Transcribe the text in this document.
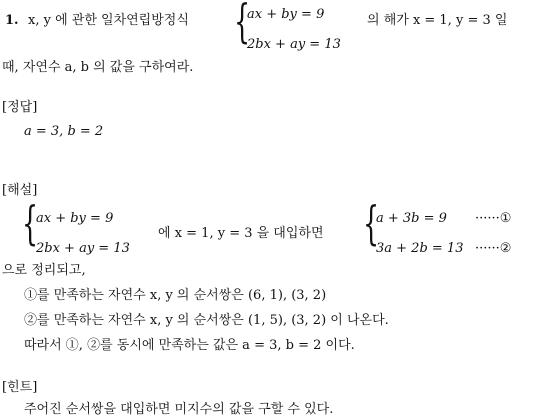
1. x, y 에 관한 일차연립방정식 {
ax + by = 9
2bx + ay = 13
의 해가 x = 1, y = 3 일
때, 자연수 a, b 의 값을 구하여라.
[정답]
a = 3, b = 2
[해설]
{
ax + by = 9
2bx + ay = 13
에 x = 1, y = 3 을 대입하면 {
a + 3b = 9 ······①
3a + 2b = 13 ······②
으로 정리되고,
①를 만족하는 자연수 x, y 의 순서쌍은 (6, 1), (3, 2)
②를 만족하는 자연수 x, y 의 순서쌍은 (1, 5), (3, 2) 이 나온다.
따라서 ①, ②를 동시에 만족하는 값은 a = 3, b = 2 이다.
[힌트]
주어진 순서쌍을 대입하면 미지수의 값을 구할 수 있다.
